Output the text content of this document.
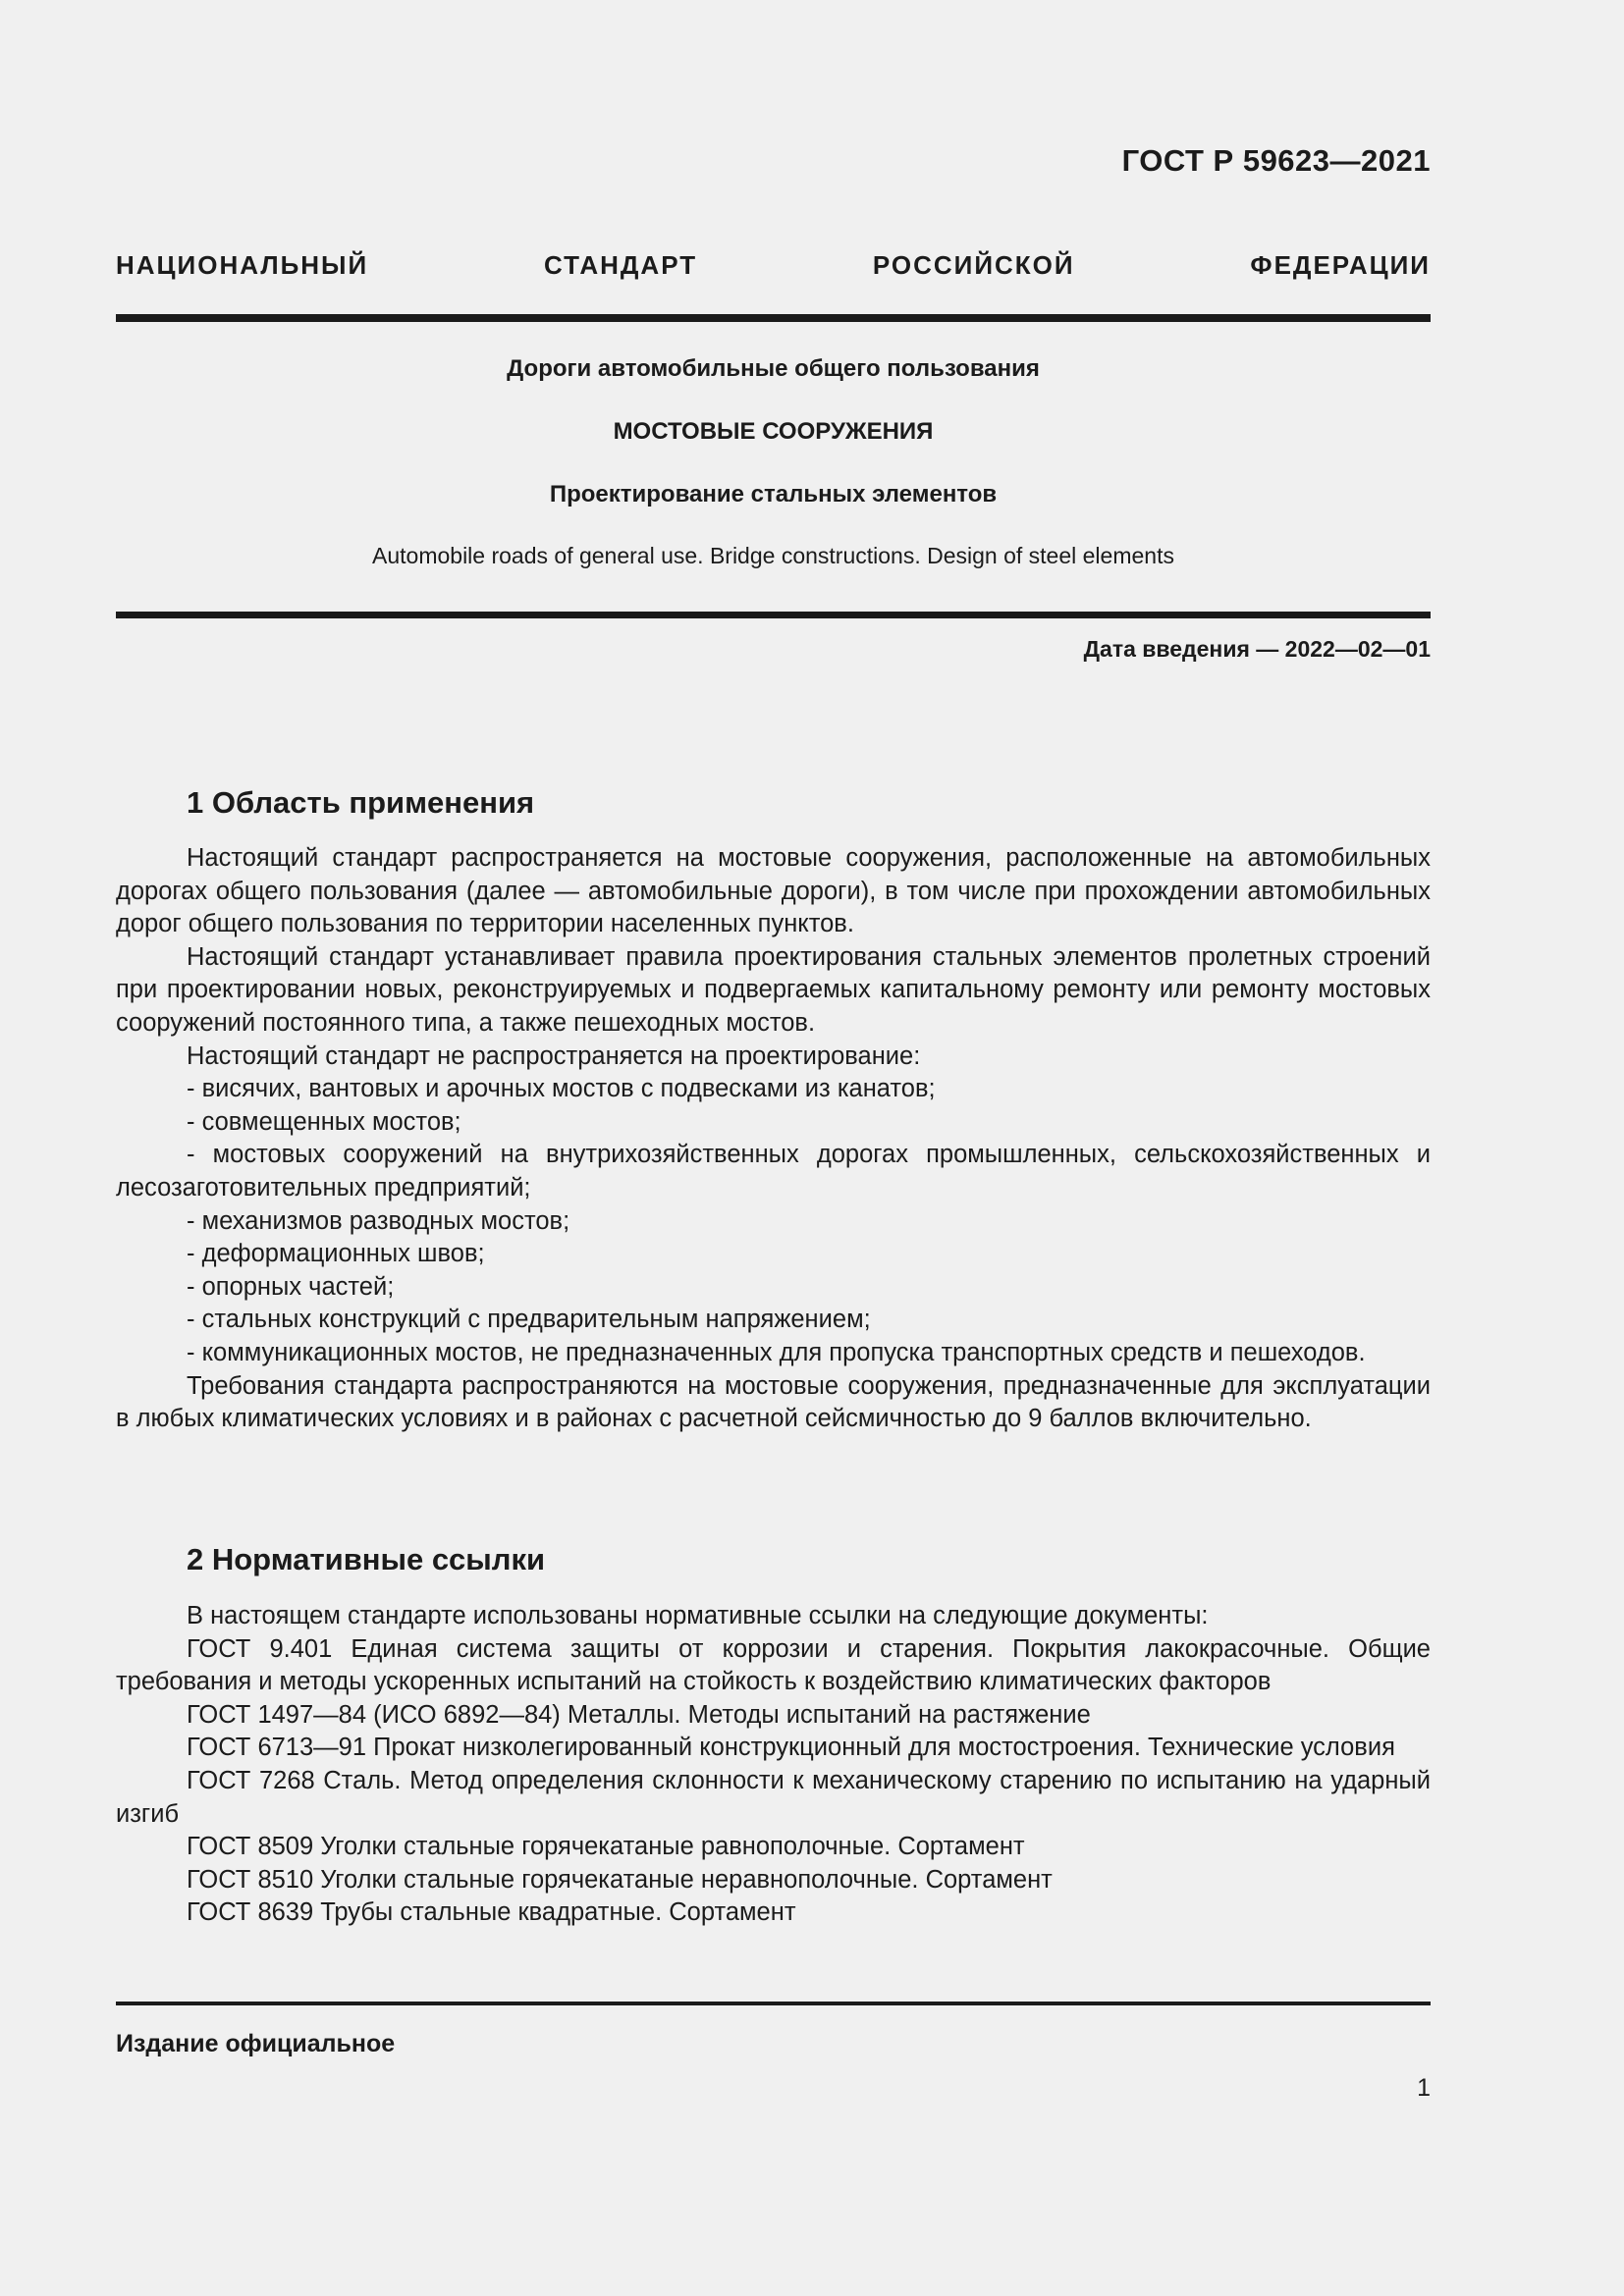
ГОСТ Р 59623—2021
НАЦИОНАЛЬНЫЙ СТАНДАРТ РОССИЙСКОЙ ФЕДЕРАЦИИ
Дороги автомобильные общего пользования
МОСТОВЫЕ СООРУЖЕНИЯ
Проектирование стальных элементов
Automobile roads of general use. Bridge constructions. Design of steel elements
Дата введения — 2022—02—01
1 Область применения

Настоящий стандарт распространяется на мостовые сооружения, расположенные на автомобильных дорогах общего пользования (далее — автомобильные дороги), в том числе при прохождении автомобильных дорог общего пользования по территории населенных пунктов.

Настоящий стандарт устанавливает правила проектирования стальных элементов пролетных строений при проектировании новых, реконструируемых и подвергаемых капитальному ремонту или ремонту мостовых сооружений постоянного типа, а также пешеходных мостов.

Настоящий стандарт не распространяется на проектирование:

- висячих, вантовых и арочных мостов с подвесками из канатов;

- совмещенных мостов;

- мостовых сооружений на внутрихозяйственных дорогах промышленных, сельскохозяйственных и лесозаготовительных предприятий;

- механизмов разводных мостов;

- деформационных швов;

- опорных частей;

- стальных конструкций с предварительным напряжением;

- коммуникационных мостов, не предназначенных для пропуска транспортных средств и пешеходов.

Требования стандарта распространяются на мостовые сооружения, предназначенные для эксплуатации в любых климатических условиях и в районах с расчетной сейсмичностью до 9 баллов включительно.

2 Нормативные ссылки

В настоящем стандарте использованы нормативные ссылки на следующие документы:

ГОСТ 9.401 Единая система защиты от коррозии и старения. Покрытия лакокрасочные. Общие требования и методы ускоренных испытаний на стойкость к воздействию климатических факторов

ГОСТ 1497—84 (ИСО 6892—84) Металлы. Методы испытаний на растяжение

ГОСТ 6713—91 Прокат низколегированный конструкционный для мостостроения. Технические условия

ГОСТ 7268 Сталь. Метод определения склонности к механическому старению по испытанию на ударный изгиб

ГОСТ 8509 Уголки стальные горячекатаные равнополочные. Сортамент

ГОСТ 8510 Уголки стальные горячекатаные неравнополочные. Сортамент

ГОСТ 8639 Трубы стальные квадратные. Сортамент

Издание официальное
1
